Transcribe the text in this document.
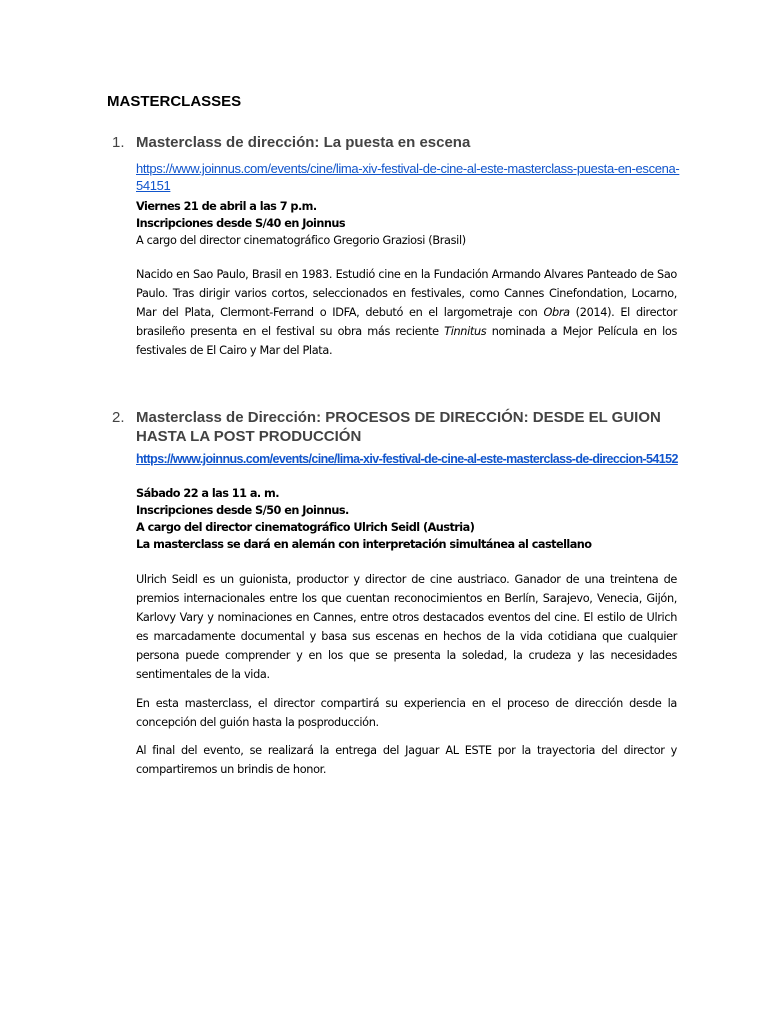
MASTERCLASSES
1. Masterclass de dirección: La puesta en escena
https://www.joinnus.com/events/cine/lima-xiv-festival-de-cine-al-este-masterclass-puesta-en-escena-54151
Viernes 21 de abril a las 7 p.m.
Inscripciones desde S/40 en Joinnus
A cargo del director cinematográfico Gregorio Graziosi (Brasil)

Nacido en Sao Paulo, Brasil en 1983. Estudió cine en la Fundación Armando Alvares Panteado de Sao Paulo. Tras dirigir varios cortos, seleccionados en festivales, como Cannes Cinefondation, Locarno, Mar del Plata, Clermont-Ferrand o IDFA, debutó en el largometraje con Obra (2014). El director brasileño presenta en el festival su obra más reciente Tinnitus nominada a Mejor Película en los festivales de El Cairo y Mar del Plata.

2. Masterclass de Dirección: PROCESOS DE DIRECCIÓN: DESDE EL GUION HASTA LA POST PRODUCCIÓN
https://www.joinnus.com/events/cine/lima-xiv-festival-de-cine-al-este-masterclass-de-direccion-54152
Sábado 22 a las 11 a. m.
Inscripciones desde S/50 en Joinnus.
A cargo del director cinematográfico Ulrich Seidl (Austria)
La masterclass se dará en alemán con interpretación simultánea al castellano

Ulrich Seidl es un guionista, productor y director de cine austriaco. Ganador de una treintena de premios internacionales entre los que cuentan reconocimientos en Berlín, Sarajevo, Venecia, Gijón, Karlovy Vary y nominaciones en Cannes, entre otros destacados eventos del cine. El estilo de Ulrich es marcadamente documental y basa sus escenas en hechos de la vida cotidiana que cualquier persona puede comprender y en los que se presenta la soledad, la crudeza y las necesidades sentimentales de la vida.

En esta masterclass, el director compartirá su experiencia en el proceso de dirección desde la concepción del guión hasta la posproducción.

Al final del evento, se realizará la entrega del Jaguar AL ESTE por la trayectoria del director y compartiremos un brindis de honor.
